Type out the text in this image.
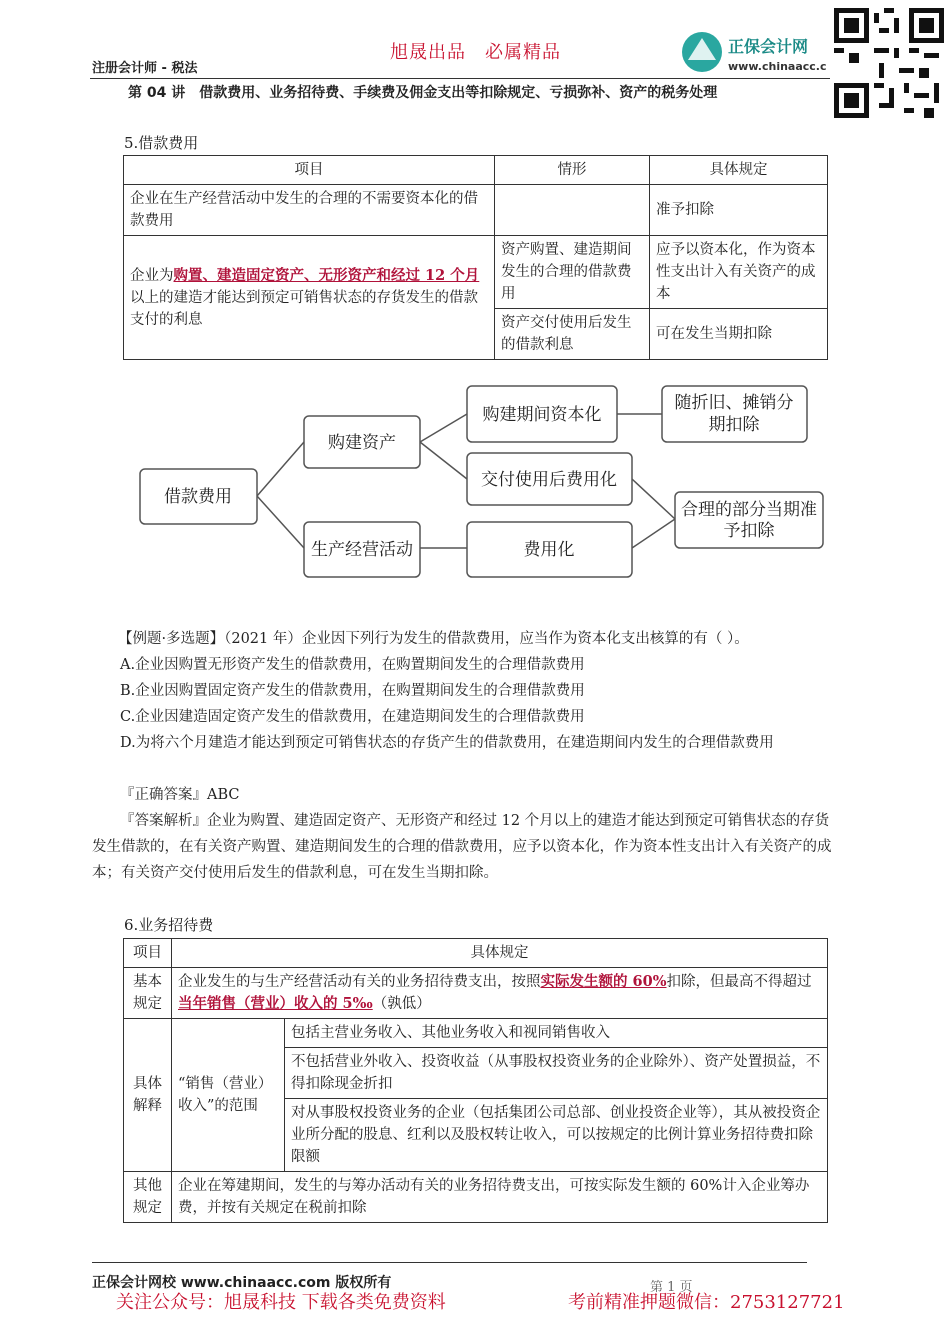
旭晟出品　必属精品
注册会计师 - 税法
正保会计网
www.chinaacc.c
第 04 讲　借款费用、业务招待费、手续费及佣金支出等扣除规定、亏损弥补、资产的税务处理
5.借款费用
项目	情形	具体规定
企业在生产经营活动中发生的合理的不需要资本化的借款费用		准予扣除
企业为购置、建造固定资产、无形资产和经过 12 个月以上的建造才能达到预定可销售状态的存货发生的借款支付的利息	资产购置、建造期间发生的合理的借款费用	应予以资本化，作为资本性支出计入有关资产的成本
	资产交付使用后发生的借款利息	可在发生当期扣除
借款费用
购建资产
生产经营活动
购建期间资本化
交付使用后费用化
费用化
随折旧、摊销分
期扣除
合理的部分当期准
予扣除
【例题·多选题】（2021 年）企业因下列行为发生的借款费用，应当作为资本化支出核算的有（ ）。
A.企业因购置无形资产发生的借款费用，在购置期间发生的合理借款费用
B.企业因购置固定资产发生的借款费用，在购置期间发生的合理借款费用
C.企业因建造固定资产发生的借款费用，在建造期间发生的合理借款费用
D.为将六个月建造才能达到预定可销售状态的存货产生的借款费用，在建造期间内发生的合理借款费用
『正确答案』ABC
『答案解析』企业为购置、建造固定资产、无形资产和经过 12 个月以上的建造才能达到预定可销售状态的存货发生借款的，在有关资产购置、建造期间发生的合理的借款费用，应予以资本化，作为资本性支出计入有关资产的成本；有关资产交付使用后发生的借款利息，可在发生当期扣除。
6.业务招待费
项目	具体规定	
基本规定	企业发生的与生产经营活动有关的业务招待费支出，按照实际发生额的 60%扣除，但最高不得超过当年销售（营业）收入的 5‰（孰低）	
具体解释	“销售（营业）收入”的范围	包括主营业务收入、其他业务收入和视同销售收入
		不包括营业外收入、投资收益（从事股权投资业务的企业除外）、资产处置损益，不得扣除现金折扣
		对从事股权投资业务的企业（包括集团公司总部、创业投资企业等），其从被投资企业所分配的股息、红利以及股权转让收入，可以按规定的比例计算业务招待费扣除限额
其他规定	企业在筹建期间，发生的与筹办活动有关的业务招待费支出，可按实际发生额的 60%计入企业筹办费，并按有关规定在税前扣除	
正保会计网校 www.chinaacc.com 版权所有	第 1 页
关注公众号：旭晟科技 下载各类免费资料	考前精准押题微信：2753127721
